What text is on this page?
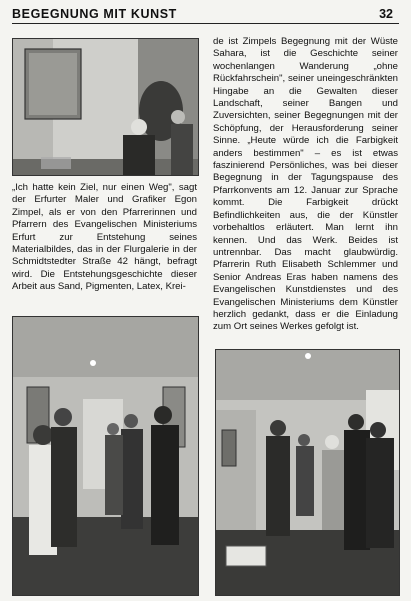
BEGEGNUNG MIT KUNST	32
„Ich hatte kein Ziel, nur einen Weg", sagt der Erfurter Maler und Grafiker Egon Zimpel, als er von den Pfarrerinnen und Pfarrern des Evangelischen Ministeriums Erfurt zur Entstehung seines Materialbildes, das in der Flurgalerie in der Schmidtstedter Straße 42 hängt, befragt wird. Die Entstehungsgeschichte dieser Arbeit aus Sand, Pigmenten, Latex, Krei-
de ist Zimpels Begegnung mit der Wüste Sahara, ist die Geschichte seiner wochenlangen Wanderung „ohne Rückfahrschein", seiner uneingeschränkten Hingabe an die Gewalten dieser Landschaft, seiner Bangen und Zuversichten, seiner Begegnungen mit der Schöpfung, der Herausforderung seiner Sinne. „Heute würde ich die Farbigkeit anders bestimmen" – es ist etwas faszinierend Persönliches, was bei dieser Begegnung in der Tagungspause des Pfarrkonvents am 12. Januar zur Sprache kommt. Die Farbigkeit drückt Befindlichkeiten aus, die der Künstler vorbehaltlos erläutert. Man lernt ihn kennen. Und das Werk. Beides ist untrennbar. Das macht glaubwürdig. Pfarrerin Ruth Elisabeth Schlemmer und Senior Andreas Eras haben namens des Evangelischen Kunstdienstes und des Evangelischen Ministeriums dem Künstler herzlich gedankt, dass er die Einladung zum Ort seines Werkes gefolgt ist.
